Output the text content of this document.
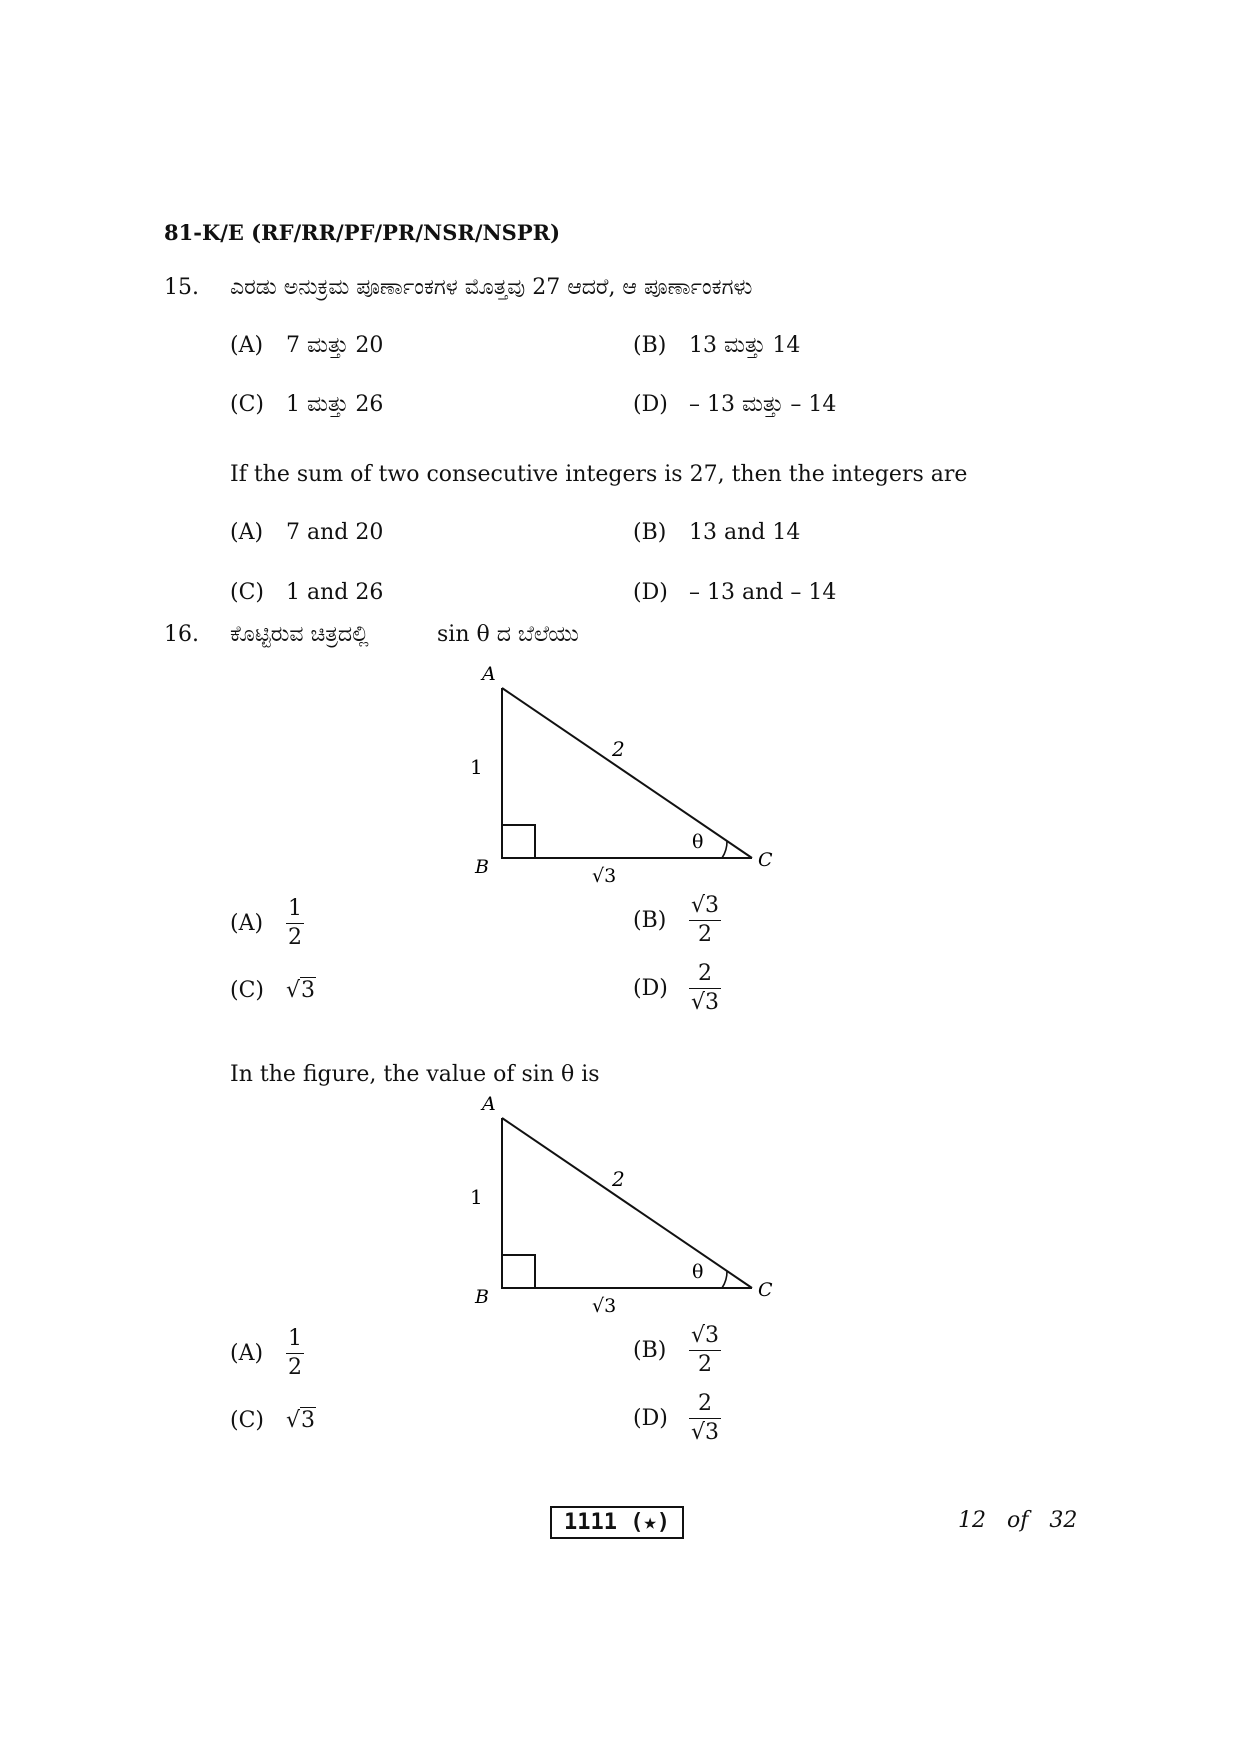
81-K/E (RF/RR/PF/PR/NSR/NSPR)
15. ಎರಡು ಅನುಕ್ರಮ ಪೂರ್ಣಾಂಕಗಳ ಮೊತ್ತವು 27 ಆದರೆ, ಆ ಪೂರ್ಣಾಂಕಗಳು
(A) 7 ಮತ್ತು 20	(B) 13 ಮತ್ತು 14
(C) 1 ಮತ್ತು 26	(D) – 13 ಮತ್ತು – 14
If the sum of two consecutive integers is 27, then the integers are
(A) 7 and 20	(B) 13 and 14
(C) 1 and 26	(D) – 13 and – 14
16. ಕೊಟ್ಟಿರುವ ಚಿತ್ರದಲ್ಲಿ	sin θ ದ ಬೆಲೆಯು
A
B	C
1
2
√3
θ
$(A) \frac{1}{2}$	$(B) \frac{√3}{2}$
(C) √3	$(D) \frac{2}{√3}$
In the figure, the value of sin θ is
A
B	C
1
2
√3
θ
$(A) \frac{1}{2}$	$(B) \frac{√3}{2}$
(C) √3	$(D) \frac{2}{√3}$
1111 (★)	12 of 32
